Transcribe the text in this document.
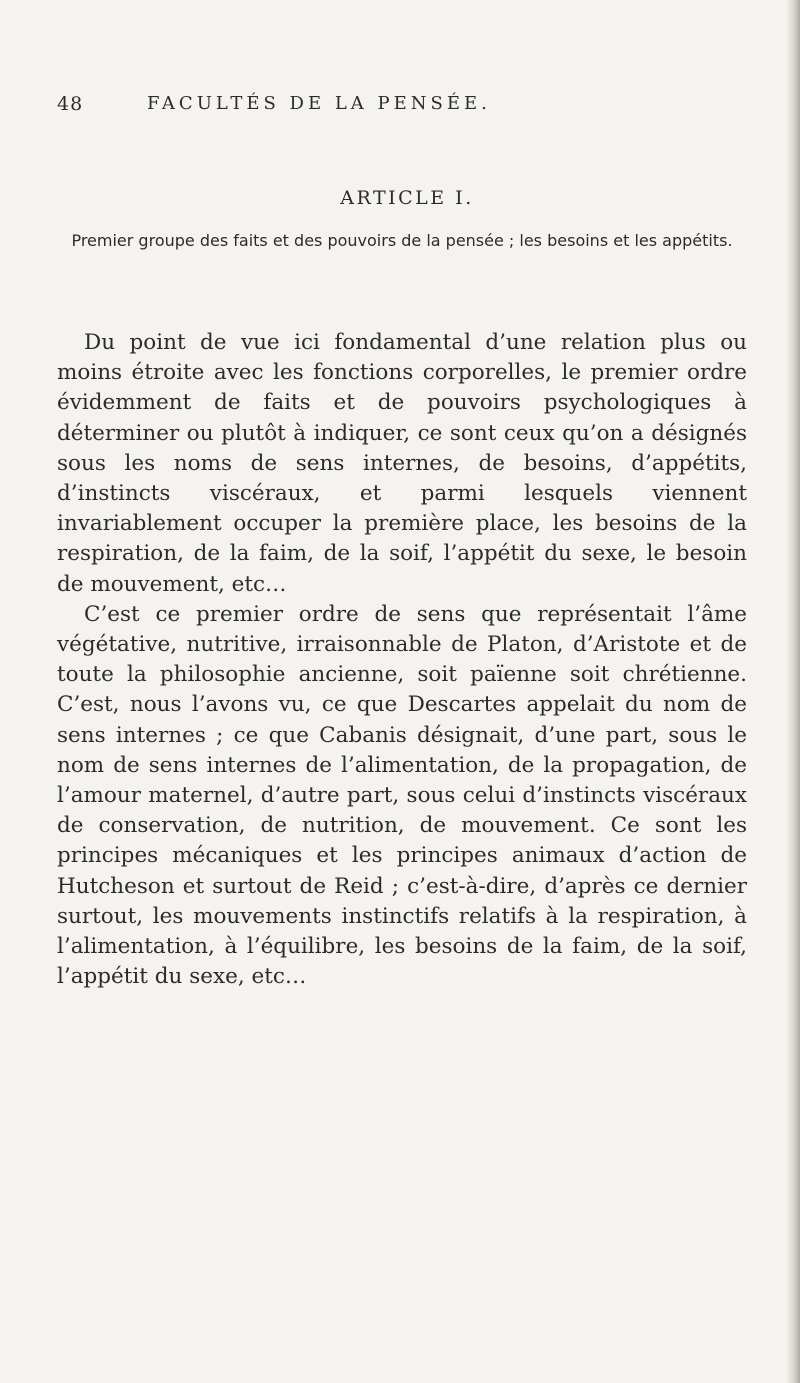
48	FACULTÉS DE LA PENSÉE.
ARTICLE I.
Premier groupe des faits et des pouvoirs de la pensée ; les besoins et les appétits.

Du point de vue ici fondamental d’une relation plus ou moins étroite avec les fonctions corporelles, le premier ordre évidemment de faits et de pouvoirs psychologiques à déterminer ou plutôt à indiquer, ce sont ceux qu’on a désignés sous les noms de sens internes, de besoins, d’appétits, d’instincts viscéraux, et parmi lesquels viennent invariablement occuper la première place, les besoins de la respiration, de la faim, de la soif, l’appétit du sexe, le besoin de mouvement, etc…

C’est ce premier ordre de sens que représentait l’âme végétative, nutritive, irraisonnable de Platon, d’Aristote et de toute la philosophie ancienne, soit païenne soit chrétienne. C’est, nous l’avons vu, ce que Descartes appelait du nom de sens internes ; ce que Cabanis désignait, d’une part, sous le nom de sens internes de l’alimentation, de la propagation, de l’amour maternel, d’autre part, sous celui d’instincts viscéraux de conservation, de nutrition, de mouvement. Ce sont les principes mécaniques et les principes animaux d’action de Hutcheson et surtout de Reid ; c’est-à-dire, d’après ce dernier surtout, les mouvements instinctifs relatifs à la respiration, à l’alimentation, à l’équilibre, les besoins de la faim, de la soif, l’appétit du sexe, etc…
